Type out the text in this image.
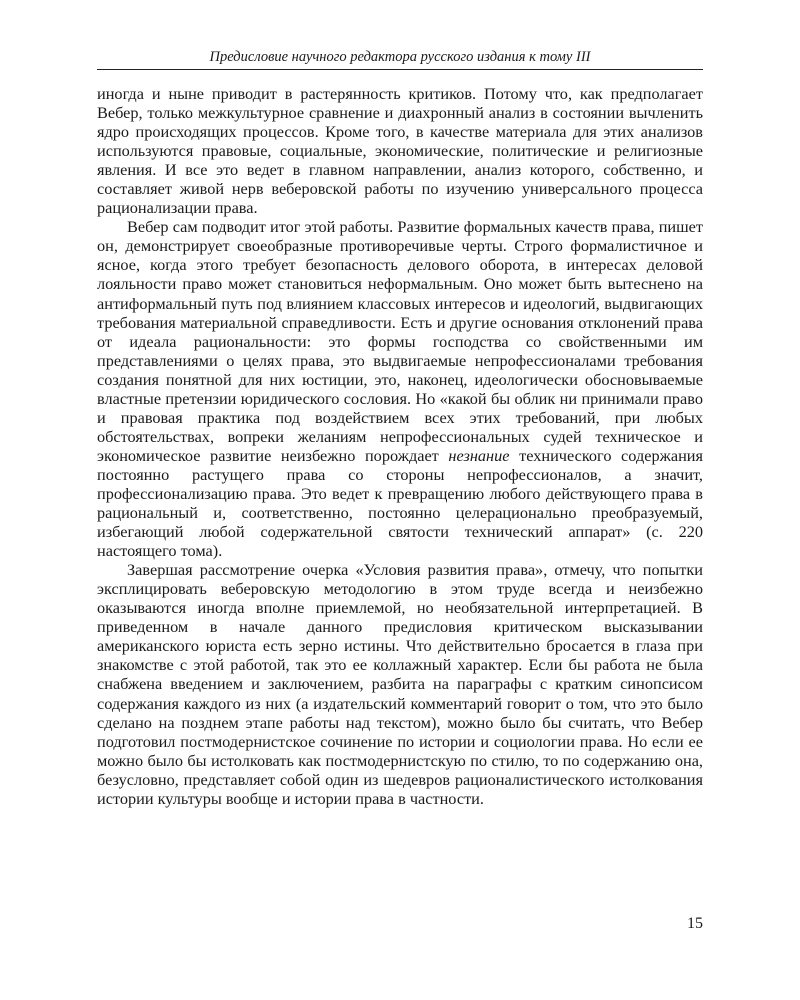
Предисловие научного редактора русского издания к тому III

иногда и ныне приводит в растерянность критиков. Потому что, как предполагает Вебер, только межкультурное сравнение и диахронный анализ в состоянии вычленить ядро происходящих процессов. Кроме того, в качестве материала для этих анализов используются правовые, социальные, экономические, политические и религиозные явления. И все это ведет в главном направлении, анализ которого, собственно, и составляет живой нерв веберовской работы по изучению универсального процесса рационализации права.

Вебер сам подводит итог этой работы. Развитие формальных качеств права, пишет он, демонстрирует своеобразные противоречивые черты. Строго формалистичное и ясное, когда этого требует безопасность делового оборота, в интересах деловой лояльности право может становиться неформальным. Оно может быть вытеснено на антиформальный путь под влиянием классовых интересов и идеологий, выдвигающих требования материальной справедливости. Есть и другие основания отклонений права от идеала рациональности: это формы господства со свойственными им представлениями о целях права, это выдвигаемые непрофессионалами требования создания понятной для них юстиции, это, наконец, идеологически обосновываемые властные претензии юридического сословия. Но «какой бы облик ни принимали право и правовая практика под воздействием всех этих требований, при любых обстоятельствах, вопреки желаниям непрофессиональных судей техническое и экономическое развитие неизбежно порождает незнание технического содержания постоянно растущего права со стороны непрофессионалов, а значит, профессионализацию права. Это ведет к превращению любого действующего права в рациональный и, соответственно, постоянно целерационально преобразуемый, избегающий любой содержательной святости технический аппарат» (с. 220 настоящего тома).

Завершая рассмотрение очерка «Условия развития права», отмечу, что попытки эксплицировать веберовскую методологию в этом труде всегда и неизбежно оказываются иногда вполне приемлемой, но необязательной интерпретацией. В приведенном в начале данного предисловия критическом высказывании американского юриста есть зерно истины. Что действительно бросается в глаза при знакомстве с этой работой, так это ее коллажный характер. Если бы работа не была снабжена введением и заключением, разбита на параграфы с кратким синопсисом содержания каждого из них (а издательский комментарий говорит о том, что это было сделано на позднем этапе работы над текстом), можно было бы считать, что Вебер подготовил постмодернистское сочинение по истории и социологии права. Но если ее можно было бы истолковать как постмодернистскую по стилю, то по содержанию она, безусловно, представляет собой один из шедевров рационалистического истолкования истории культуры вообще и истории права в частности.

15
